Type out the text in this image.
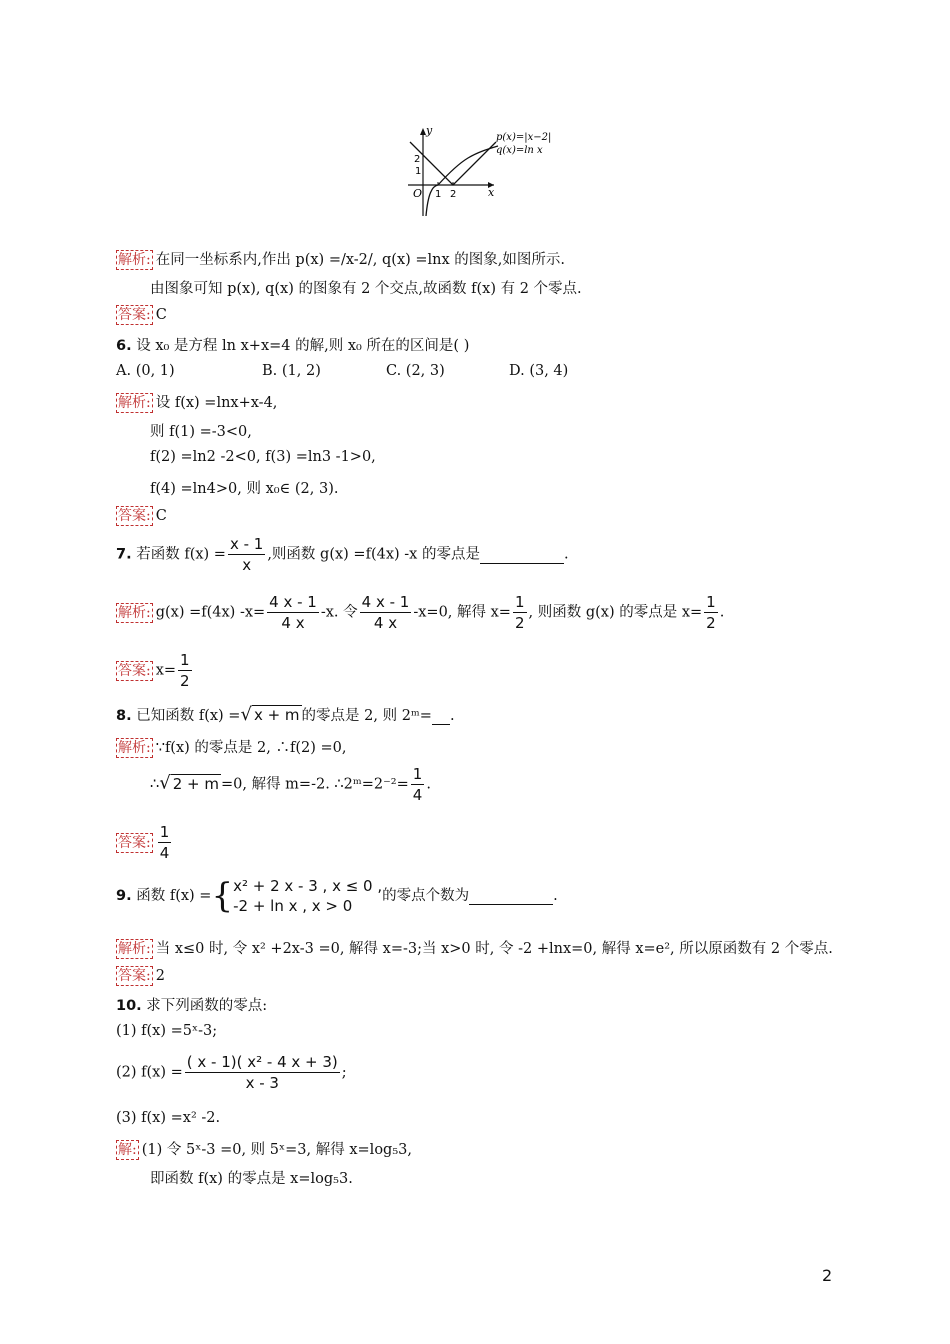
y
x
O 1 2
2
1
p(x)=|x−2|
q(x)=ln x
解析: 在同一坐标系内,作出 p(x) =/x-2/, q(x) =lnx 的图象,如图所示.
由图象可知 p(x), q(x) 的图象有 2 个交点,故函数 f(x) 有 2 个零点.
答案: C
6. 设 x₀ 是方程 ln x+x=4 的解,则 x₀ 所在的区间是( )
A. (0, 1)	B. (1, 2)	C. (2, 3)	D. (3, 4)
解析: 设 f(x) =lnx+x-4,
则 f(1) =-3<0,
f(2) =ln2 -2<0, f(3) =ln3 -1>0,
f(4) =ln4>0, 则 x₀∈ (2, 3).
答案: C
7. 若函数 $f(x) = \frac{x - 1}{x}$ ,则函数 g(x) =f(4x) -x 的零点是	.
解析: g(x) =f(4x) $-x= \frac{4 x - 1}{4 x} -x$. 令 $\frac{4 x - 1}{4 x} -x=0$, 解得 $x= \frac{1}{2}$ , 则函数 g(x) 的零点是 $x= \frac{1}{2}$ .
答案: $x= \frac{1}{2}$
8. 已知函数 f(x) =√ x + m 的零点是 2, 则 2ᵐ= .
解析: ∵f(x) 的零点是 2, ∴f(2) =0,
∴√ 2 + m =0, 解得 m=-2. ∴2ᵐ=2⁻²= $\frac{1}{4}$ .
答案: $\frac{1}{4}$
9. 函数 f(x) ={ x² + 2 x - 3 , x ≤ 0 ,
-2 + ln x , x > 0
的零点个数为	.
解析: 当 x≤0 时, 令 x² +2x-3 =0, 解得 x=-3;当 x>0 时, 令 -2 +lnx=0, 解得 x=e², 所以原函数有 2 个零点.
答案: 2
10. 求下列函数的零点:
(1) f(x) =5ˣ-3;
(2) $f(x) = \frac{\text{( x - 1)( x² - 4 x + 3)}}{x - 3}$ ;
(3) f(x) =x² -2.
解: (1) 令 5ˣ-3 =0, 则 5ˣ=3, 解得 x=log₅3,
即函数 f(x) 的零点是 x=log₅3.
2
